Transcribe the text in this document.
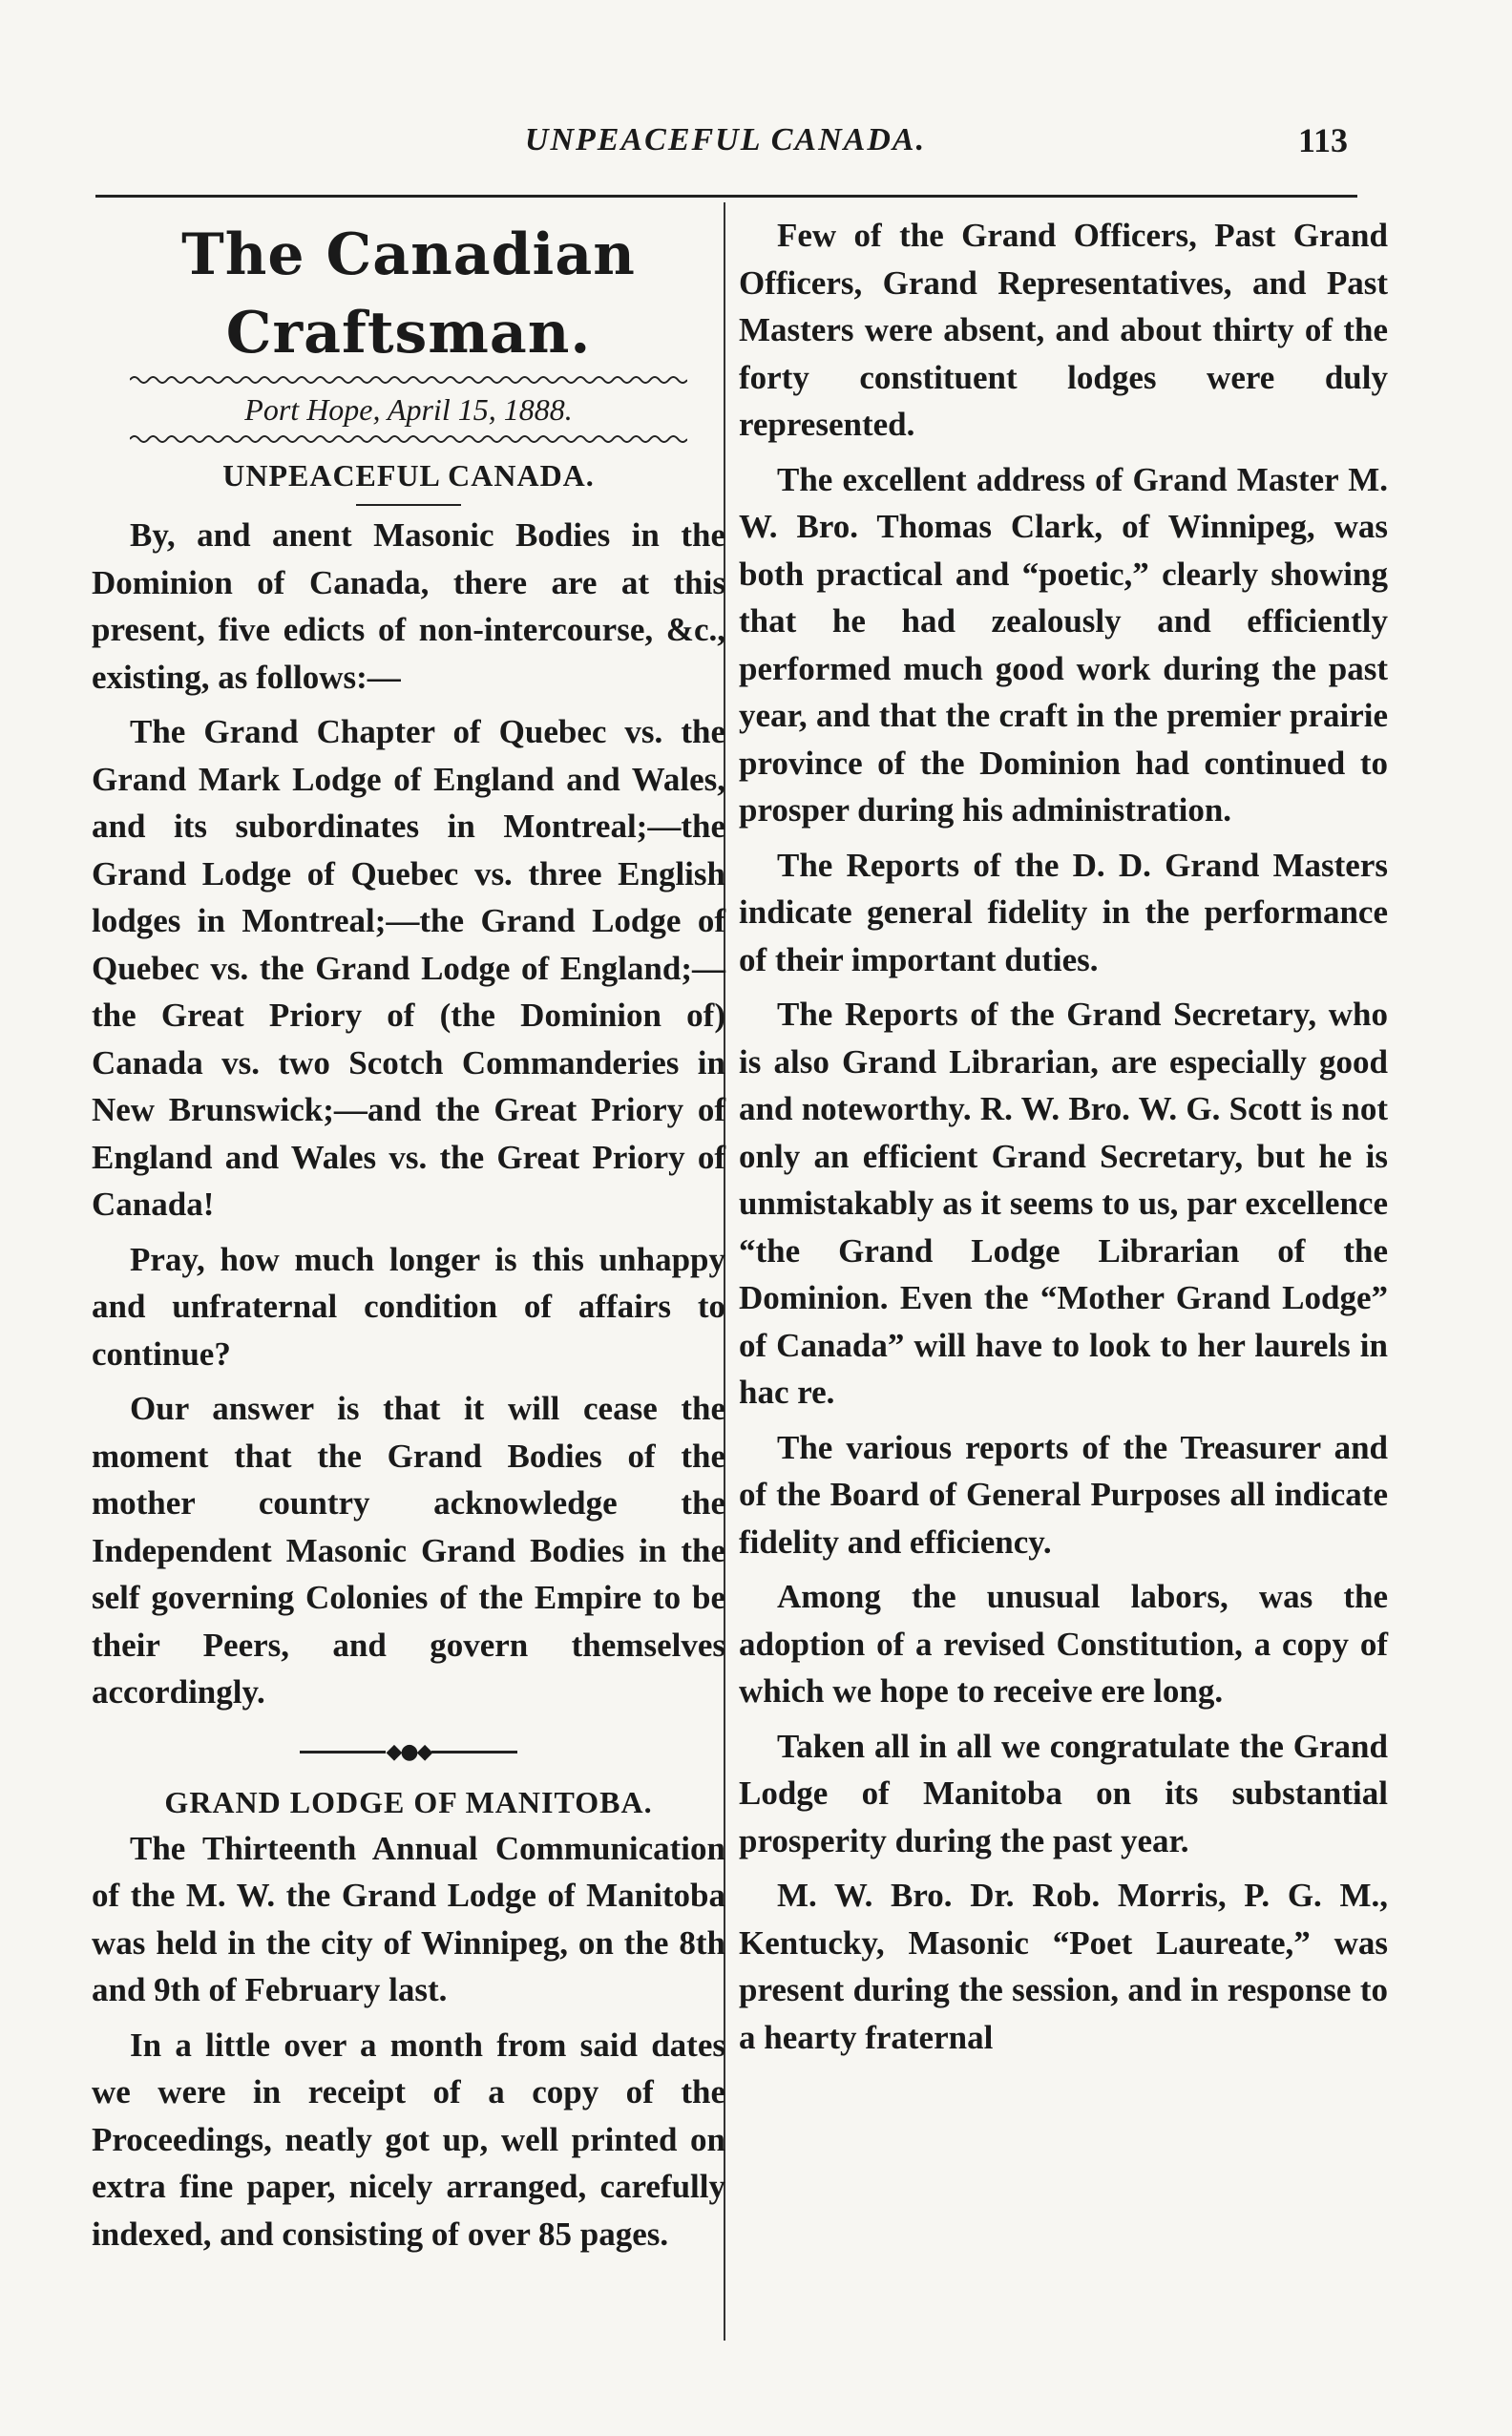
UNPEACEFUL CANADA.	113
The Canadian Craftsman.
Port Hope, April 15, 1888.
UNPEACEFUL CANADA.

By, and anent Masonic Bodies in the Dominion of Canada, there are at this present, five edicts of non-intercourse, &c., existing, as follows:—

The Grand Chapter of Quebec vs. the Grand Mark Lodge of England and Wales, and its subordinates in Montreal;—the Grand Lodge of Quebec vs. three English lodges in Montreal;—the Grand Lodge of Quebec vs. the Grand Lodge of England;—the Great Priory of (the Dominion of) Canada vs. two Scotch Commanderies in New Brunswick;—and the Great Priory of England and Wales vs. the Great Priory of Canada!

Pray, how much longer is this unhappy and unfraternal condition of affairs to continue?

Our answer is that it will cease the moment that the Grand Bodies of the mother country acknowledge the Independent Masonic Grand Bodies in the self governing Colonies of the Empire to be their Peers, and govern themselves accordingly.

◆●◆
GRAND LODGE OF MANITOBA.

The Thirteenth Annual Communication of the M. W. the Grand Lodge of Manitoba was held in the city of Winnipeg, on the 8th and 9th of February last.

In a little over a month from said dates we were in receipt of a copy of the Proceedings, neatly got up, well printed on extra fine paper, nicely arranged, carefully indexed, and consisting of over 85 pages.

Few of the Grand Officers, Past Grand Officers, Grand Representatives, and Past Masters were absent, and about thirty of the forty constituent lodges were duly represented.

The excellent address of Grand Master M. W. Bro. Thomas Clark, of Winnipeg, was both practical and “poetic,” clearly showing that he had zealously and efficiently performed much good work during the past year, and that the craft in the premier prairie province of the Dominion had continued to prosper during his administration.

The Reports of the D. D. Grand Masters indicate general fidelity in the performance of their important duties.

The Reports of the Grand Secretary, who is also Grand Librarian, are especially good and noteworthy. R. W. Bro. W. G. Scott is not only an efficient Grand Secretary, but he is unmistakably as it seems to us, par excellence “the Grand Lodge Librarian of the Dominion. Even the “Mother Grand Lodge” of Canada” will have to look to her laurels in hac re.

The various reports of the Treasurer and of the Board of General Purposes all indicate fidelity and efficiency.

Among the unusual labors, was the adoption of a revised Constitution, a copy of which we hope to receive ere long.

Taken all in all we congratulate the Grand Lodge of Manitoba on its substantial prosperity during the past year.

M. W. Bro. Dr. Rob. Morris, P. G. M., Kentucky, Masonic “Poet Laureate,” was present during the session, and in response to a hearty fraternal
